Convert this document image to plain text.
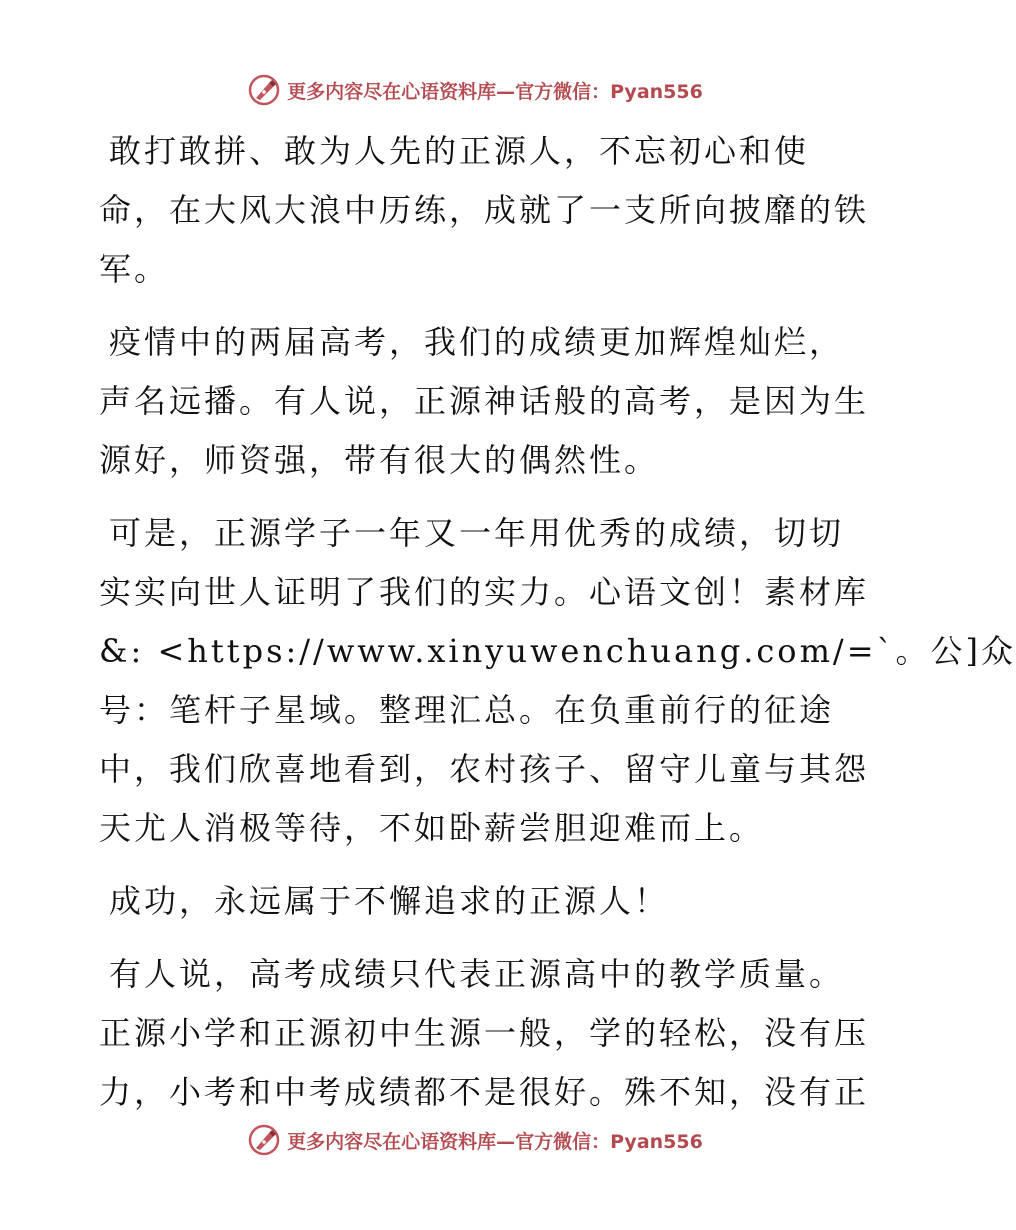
更多内容尽在心语资料库—官方微信：Pyan556

敢打敢拼、敢为人先的正源人，不忘初心和使
命，在大风大浪中历练，成就了一支所向披靡的铁
军。

疫情中的两届高考，我们的成绩更加辉煌灿烂，
声名远播。有人说，正源神话般的高考，是因为生
源好，师资强，带有很大的偶然性。

可是，正源学子一年又一年用优秀的成绩，切切
实实向世人证明了我们的实力。心语文创！素材库
&: <https://www.xinyuwenchuang.com/=`。公]众
号：笔杆子星域。整理汇总。在负重前行的征途
中，我们欣喜地看到，农村孩子、留守儿童与其怨
天尤人消极等待，不如卧薪尝胆迎难而上。

成功，永远属于不懈追求的正源人！

有人说，高考成绩只代表正源高中的教学质量。
正源小学和正源初中生源一般，学的轻松，没有压
力，小考和中考成绩都不是很好。殊不知，没有正

更多内容尽在心语资料库—官方微信：Pyan556
